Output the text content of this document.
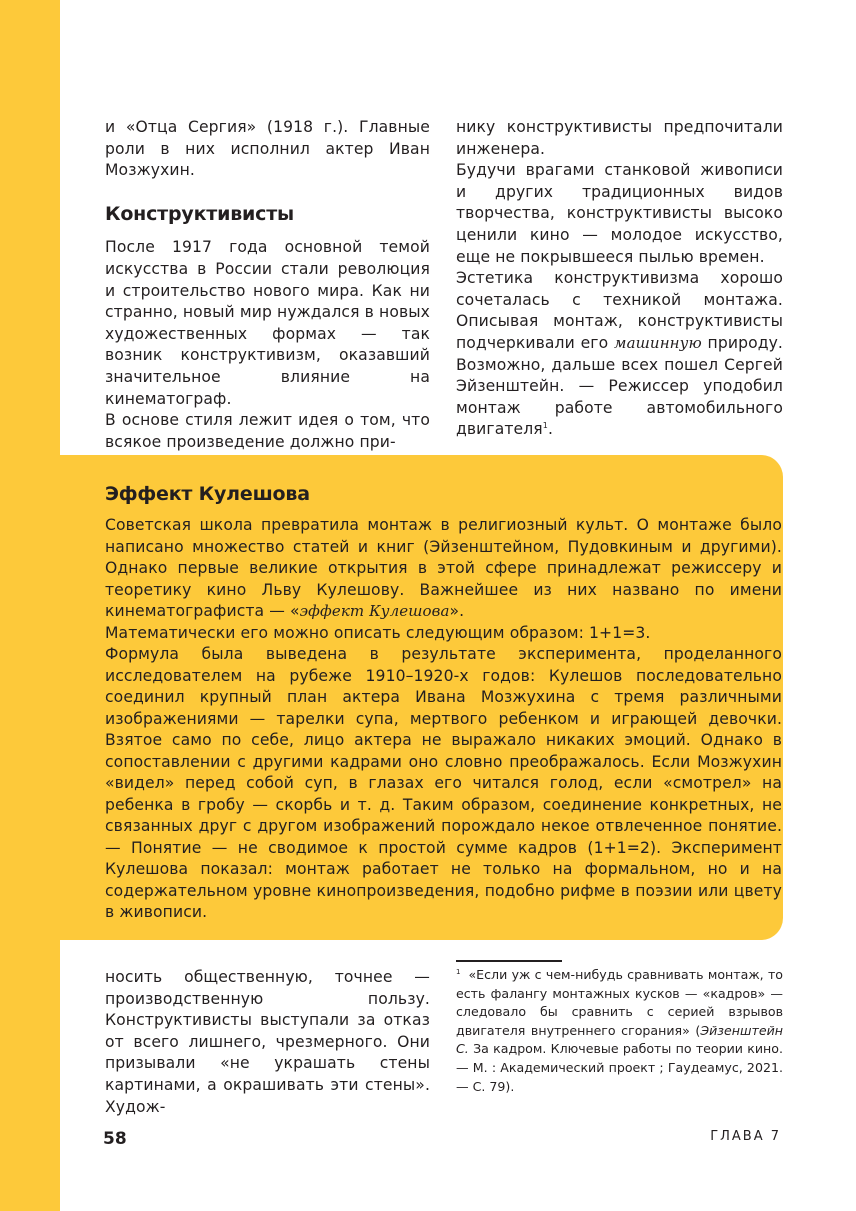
и «Отца Сергия» (1918 г.). Главные роли в них исполнил актер Иван Мозжухин.

Конструктивисты

После 1917 года основной темой искусства в России стали революция и строительство нового мира. Как ни странно, новый мир нуждался в новых художественных формах — так возник конструктивизм, оказавший значительное влияние на кинематограф.

В основе стиля лежит идея о том, что всякое произведение должно при-

нику конструктивисты предпочитали инженера.

Будучи врагами станковой живописи и других традиционных видов творчества, конструктивисты высоко ценили кино — молодое искусство, еще не покрывшееся пылью времен.

Эстетика конструктивизма хорошо сочеталась с техникой монтажа. Описывая монтаж, конструктивисты подчеркивали его машинную природу. Возможно, дальше всех пошел Сергей Эйзенштейн. — Режиссер уподобил монтаж работе автомобильного двигателя$^1$.

Эффект Кулешова

Советская школа превратила монтаж в религиозный культ. О монтаже было написано множество статей и книг (Эйзенштейном, Пудовкиным и другими). Однако первые великие открытия в этой сфере принадлежат режиссеру и теоретику кино Льву Кулешову. Важнейшее из них названо по имени кинематографиста — «эффект Кулешова».

Математически его можно описать следующим образом: 1+1=3.

Формула была выведена в результате эксперимента, проделанного исследователем на рубеже 1910–1920-х годов: Кулешов последовательно соединил крупный план актера Ивана Мозжухина с тремя различными изображениями — тарелки супа, мертвого ребенком и играющей девочки. Взятое само по себе, лицо актера не выражало никаких эмоций. Однако в сопоставлении с другими кадрами оно словно преображалось. Если Мозжухин «видел» перед собой суп, в глазах его читался голод, если «смотрел» на ребенка в гробу — скорбь и т. д. Таким образом, соединение конкретных, не связанных друг с другом изображений порождало некое отвлеченное понятие. — Понятие — не сводимое к простой сумме кадров (1+1=2). Эксперимент Кулешова показал: монтаж работает не только на формальном, но и на содержательном уровне кинопроизведения, подобно рифме в поэзии или цвету в живописи.

носить общественную, точнее — производственную пользу. Конструктивисты выступали за отказ от всего лишнего, чрезмерного. Они призывали «не украшать стены картинами, а окрашивать эти стены». Худож-

$^1$ «Если уж с чем-нибудь сравнивать монтаж, то есть фалангу монтажных кусков — «кадров» — следовало бы сравнить с серией взрывов двигателя внутреннего сгорания» (Эйзенштейн С. За кадром. Ключевые работы по теории кино. — М. : Академический проект ; Гаудеамус, 2021. — С. 79).
58	ГЛАВА 7
